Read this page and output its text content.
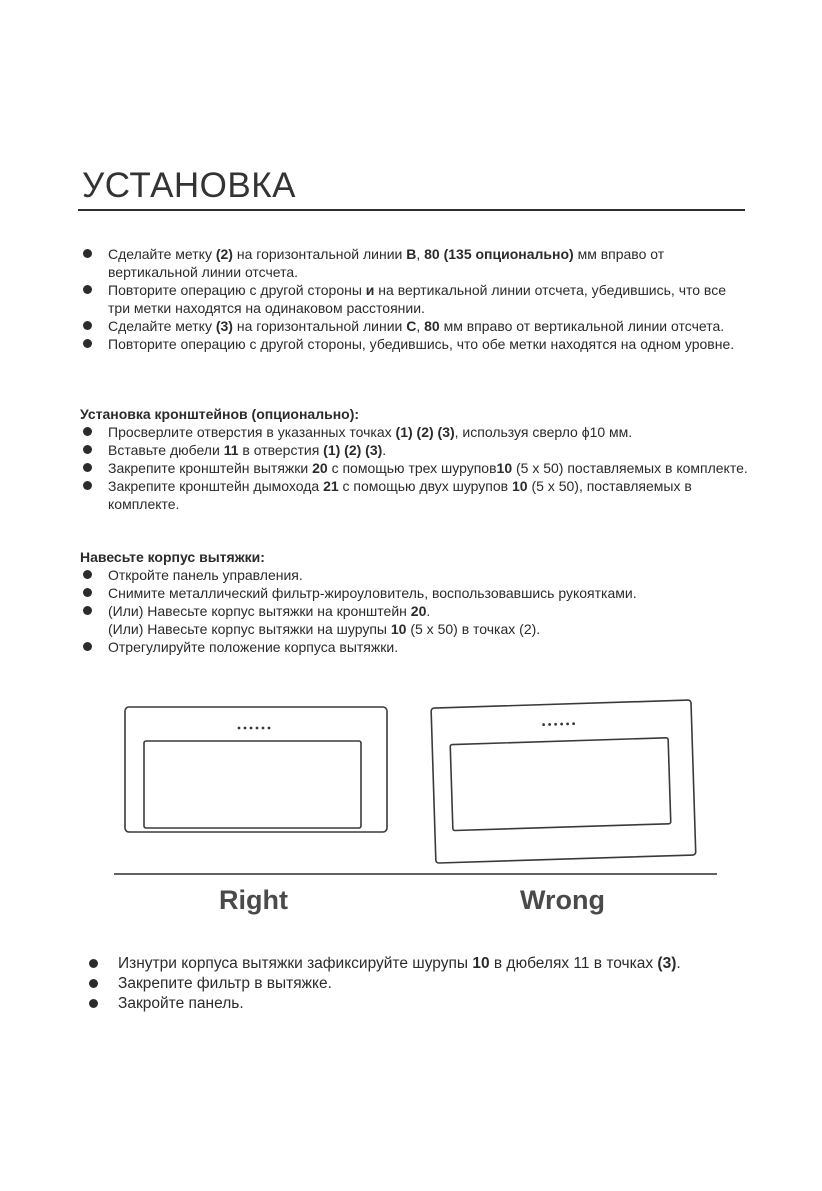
УСТАНОВКА
Сделайте метку (2) на горизонтальной линии B, 80 (135 опционально) мм вправо от вертикальной линии отсчета.
Повторите операцию с другой стороны и на вертикальной линии отсчета, убедившись, что все три метки находятся на одинаковом расстоянии.
Сделайте метку (3) на горизонтальной линии C, 80 мм вправо от вертикальной линии отсчета.
Повторите операцию с другой стороны, убедившись, что обе метки находятся на одном уровне.
Установка кронштейнов (опционально):
Просверлите отверстия в указанных точках (1) (2) (3), используя сверло ϕ10 мм.
Вставьте дюбели 11 в отверстия (1) (2) (3).
Закрепите кронштейн вытяжки 20 с помощью трех шурупов10 (5 x 50) поставляемых в комплекте.
Закрепите кронштейн дымохода 21 с помощью двух шурупов 10 (5 x 50), поставляемых в комплекте.
Навесьте корпус вытяжки:
Откройте панель управления.
Снимите металлический фильтр-жироуловитель, воспользовавшись рукоятками.
(Или) Навесьте корпус вытяжки на кронштейн 20.
(Или) Навесьте корпус вытяжки на шурупы 10 (5 x 50) в точках (2).
Отрегулируйте положение корпуса вытяжки.
Right	Wrong
Изнутри корпуса вытяжки зафиксируйте шурупы 10 в дюбелях 11 в точках (3).
Закрепите фильтр в вытяжке.
Закройте панель.
